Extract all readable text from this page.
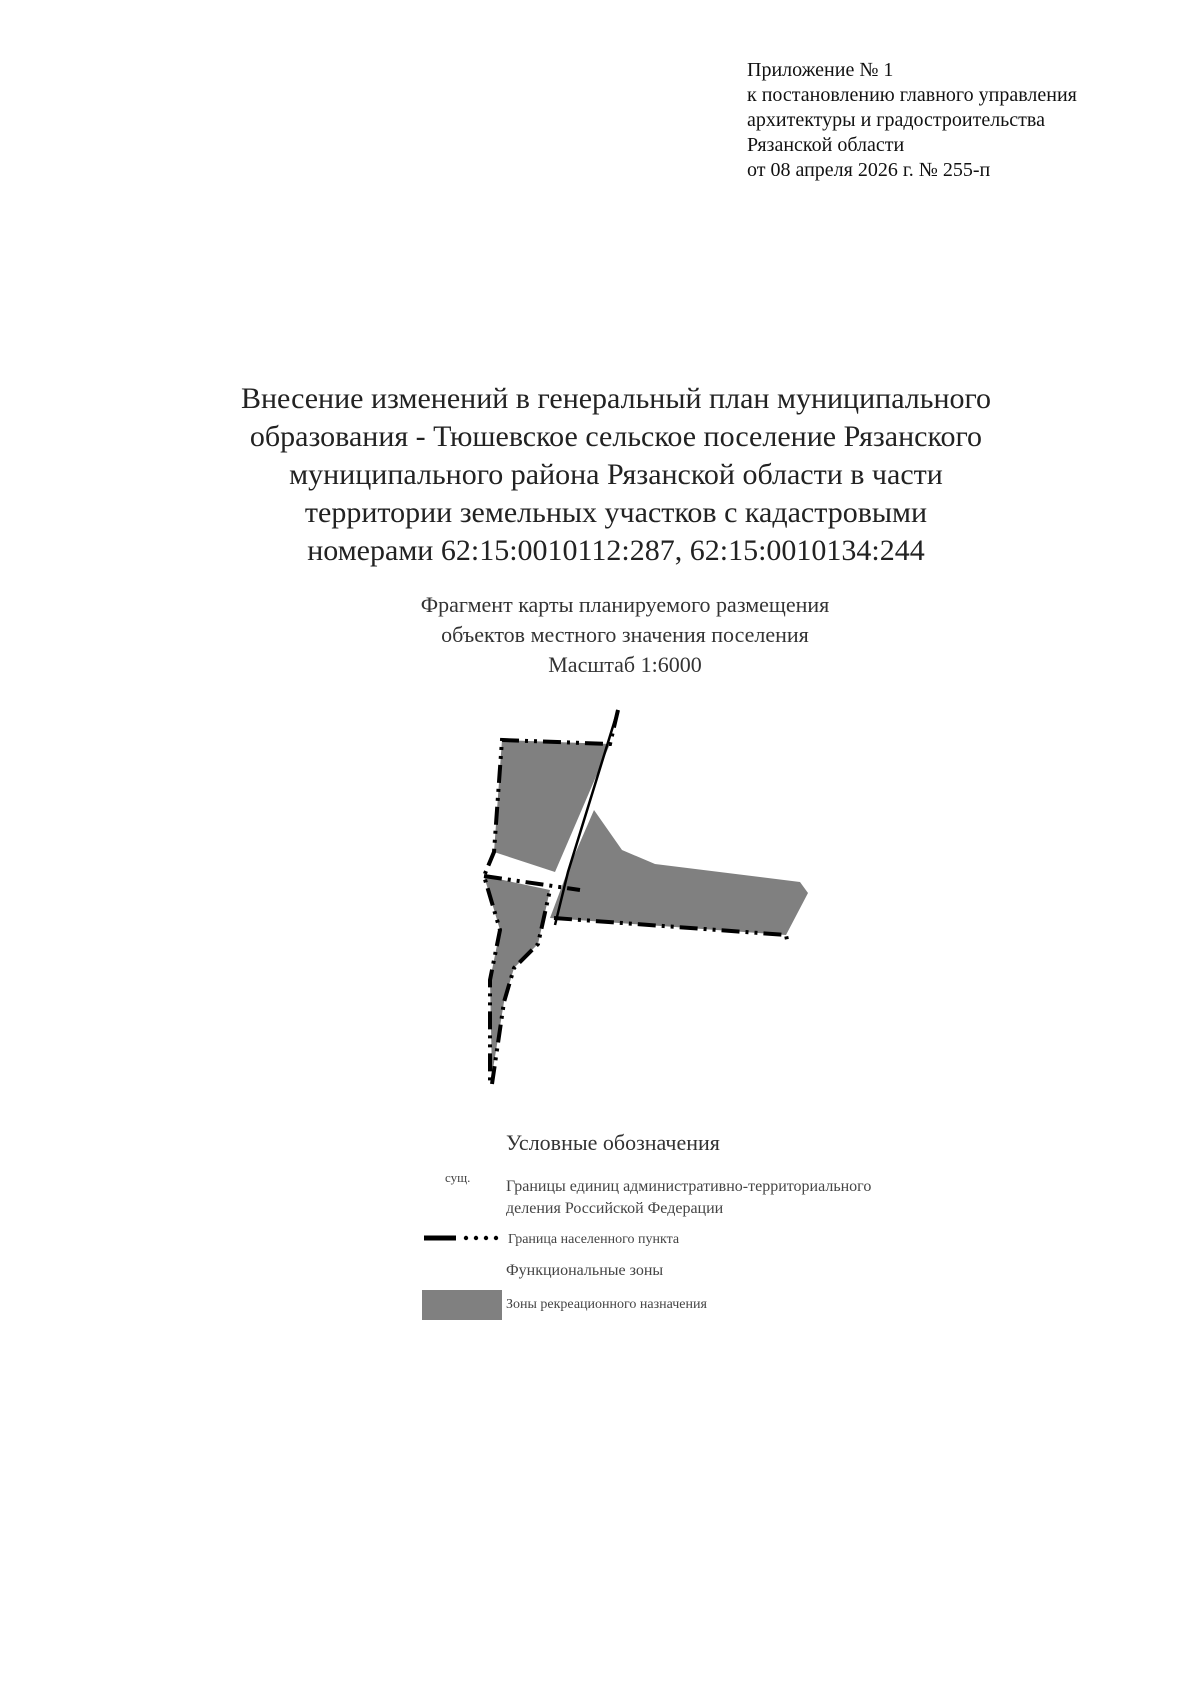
Приложение № 1
к постановлению главного управления
архитектуры и градостроительства
Рязанской области
от 08 апреля 2026 г. № 255-п
Внесение изменений в генеральный план муниципального
образования - Тюшевское сельское поселение Рязанского
муниципального района Рязанской области в части
территории земельных участков с кадастровыми
номерами 62:15:0010112:287, 62:15:0010134:244
Фрагмент карты планируемого размещения
объектов местного значения поселения
Масштаб 1:6000
Условные обозначения
сущ.
Границы единиц административно-территориального
деления Российской Федерации
Граница населенного пункта
Функциональные зоны
Зоны рекреационного назначения
